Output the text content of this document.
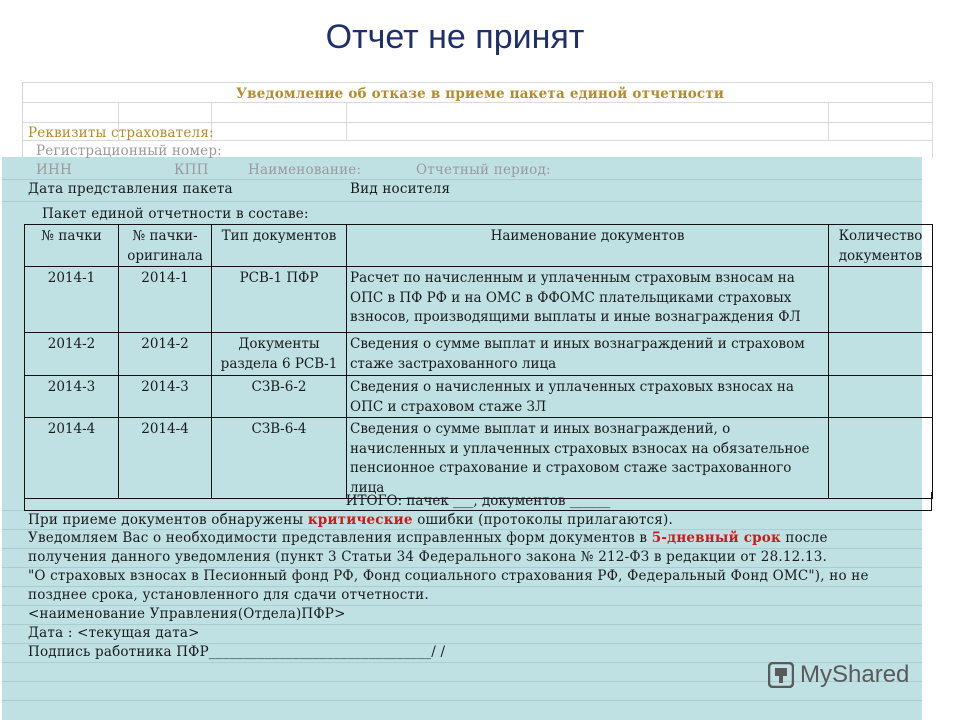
Отчет не принят
Уведомление об отказе в приеме пакета единой отчетности
Реквизиты страхователя:
Регистрационный номер:
ИНН	КПП	Наименование:	Отчетный период:
Дата представления пакета	Вид носителя
Пакет единой отчетности в составе:
№ пачки	№ пачки-оригинала	Тип документов	Наименование документов	Количество документов
2014-1	2014-1	РСВ-1 ПФР	Расчет по начисленным и уплаченным страховым взносам на ОПС в ПФ РФ и на ОМС в ФФОМС плательщиками страховых взносов, производящими выплаты и иные вознаграждения ФЛ	
2014-2	2014-2	Документы раздела 6 РСВ-1	Сведения о сумме выплат и иных вознаграждений и страховом стаже застрахованного лица	
2014-3	2014-3	СЗВ-6-2	Сведения о начисленных и уплаченных страховых взносах на ОПС и страховом стаже ЗЛ	
2014-4	2014-4	СЗВ-6-4	Сведения о сумме выплат и иных вознаграждений, о начисленных и уплаченных страховых взносах на обязательное пенсионное страхование и страховом стаже застрахованного лица	
ИТОГО: пачек ___, документов ______
При приеме документов обнаружены критические ошибки (протоколы прилагаются).
Уведомляем Вас о необходимости представления исправленных форм документов в 5-дневный срок после
получения данного уведомления (пункт 3 Статьи 34 Федерального закона № 212-ФЗ в редакции от 28.12.13.
"О страховых взносах в Песионный фонд РФ, Фонд социального страхования РФ, Федеральный Фонд ОМС"), но не
позднее срока, установленного для сдачи отчетности.
<наименование Управления(Отдела)ПФР>
Дата : <текущая дата>
Подпись работника ПФР________________________________/ /
MyShared
